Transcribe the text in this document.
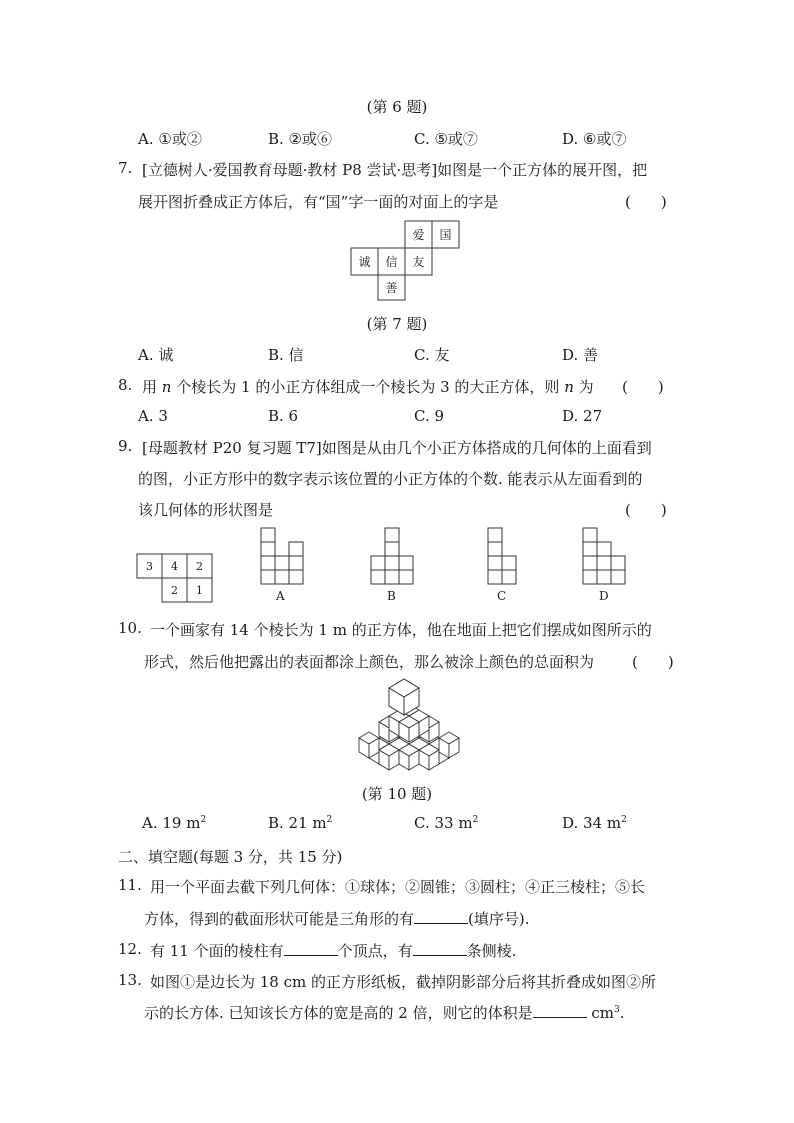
(第 6 题)
A. ①或②	B. ②或⑥	C. ⑤或⑦	D. ⑥或⑦
7. [立德树人·爱国教育母题·教材 P8 尝试·思考]如图是一个正方体的展开图，把
展开图折叠成正方体后，有“国”字一面的对面上的字是	(　　)
爱 国
诚 信 友
善
(第 7 题)
A. 诚	B. 信	C. 友	D. 善
8. 用 n 个棱长为 1 的小正方体组成一个棱长为 3 的大正方体，则 n 为 (　　)
A. 3	B. 6	C. 9	D. 27
9. [母题教材 P20 复习题 T7]如图是从由几个小正方体搭成的几何体的上面看到
的图，小正方形中的数字表示该位置的小正方体的个数. 能表示从左面看到的
该几何体的形状图是	(　　)
3 4 2
2 1	A	B	C	D
10. 一个画家有 14 个棱长为 1 m 的正方体，他在地面上把它们摆成如图所示的
形式，然后他把露出的表面都涂上颜色，那么被涂上颜色的总面积为	(　　)
(第 10 题)
A. 19 $m^2$	B. 21 $m^2$	C. 33 $m^2$	D. 34 $m^2$
二、填空题(每题 3 分，共 15 分)
11. 用一个平面去截下列几何体：①球体；②圆锥；③圆柱；④正三棱柱；⑤长
方体，得到的截面形状可能是三角形的有	(填序号).
12. 有 11 个面的棱柱有	个顶点，有	条侧棱.
13. 如图①是边长为 18 cm 的正方形纸板，截掉阴影部分后将其折叠成如图②所
示的长方体. 已知该长方体的宽是高的 2 倍，则它的体积是	$cm^3$.
